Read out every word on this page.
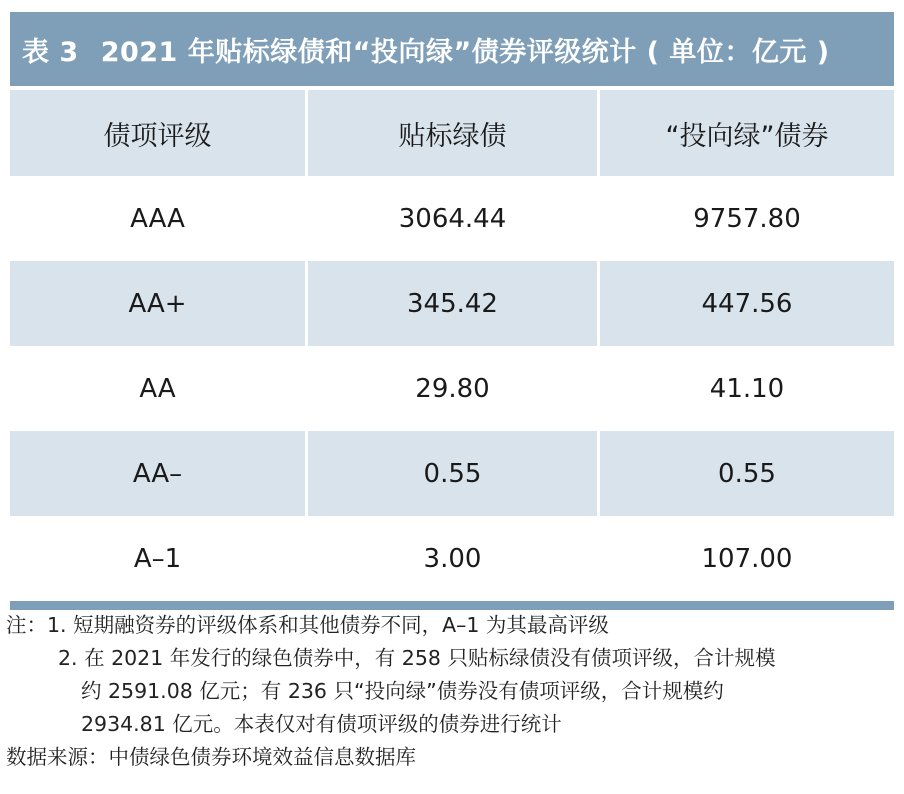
表 3 2021 年贴标绿债和“投向绿”债券评级统计 ( 单位：亿元 )
债项评级	贴标绿债	“投向绿”债券
AAA	3064.44	9757.80
AA+	345.42	447.56
AA	29.80	41.10
AA–	0.55	0.55
A–1	3.00	107.00

注：1. 短期融资券的评级体系和其他债券不同，A–1 为其最高评级

2. 在 2021 年发行的绿色债券中，有 258 只贴标绿债没有债项评级，合计规模

约 2591.08 亿元；有 236 只“投向绿”债券没有债项评级，合计规模约

2934.81 亿元。本表仅对有债项评级的债券进行统计

数据来源：中债绿色债券环境效益信息数据库
